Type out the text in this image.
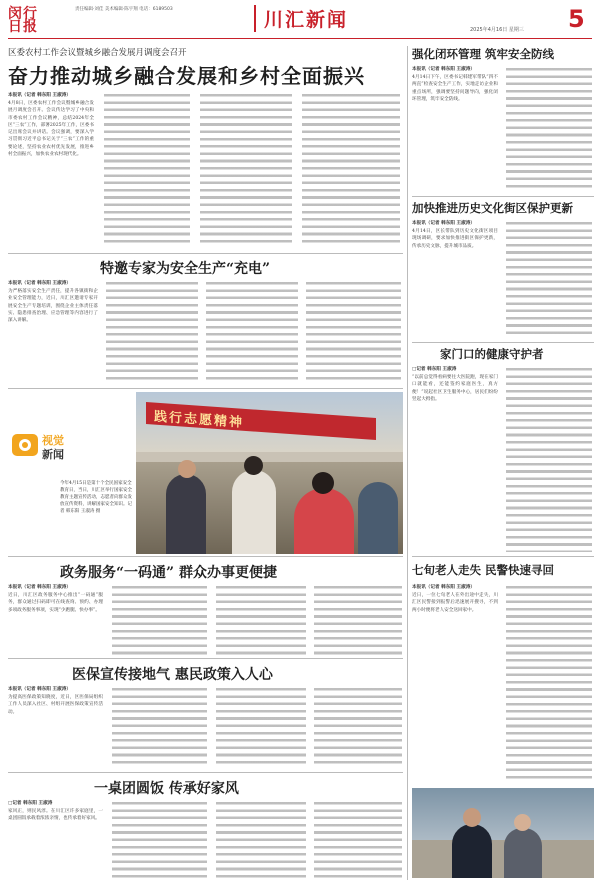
闵行日报
责任编辑·刘佳 美术编辑·陈宇翔 电话：6189503	川汇新闻	2025年4月16日 星期三 5
区委农村工作会议暨城乡融合发展月调度会召开
奋力推动城乡融合发展和乡村全面振兴
本报讯（记者 韩东阳 王淑涛）
4月8日，区委农村工作会议暨城乡融合发展月调度会召开。会议传达学习了中央和市委农村工作会议精神，总结2024年全区“三农”工作，部署2025年工作，区委书记出席会议并讲话。会议强调，要深入学习贯彻习近平总书记关于“三农”工作的重要论述，坚持农业农村优先发展，推进乡村全面振兴，加快农业农村现代化。
特邀专家为安全生产“充电”
本报讯（记者 韩东阳 王淑涛）
为严格落实安全生产责任，提升各镇街和企业安全管理能力，近日，川汇区邀请专家开展安全生产专题培训，围绕企业主体责任落实、隐患排查治理、应急管理等内容进行了深入讲解。
视觉
新闻
今年4月15日是第十个全民国家安全教育日，当日，川汇区举行国家安全教育主题宣传活动，志愿者向群众发放宣传资料，讲解国家安全知识。记者 韩东阳 王淑涛 摄
践行志愿精神
政务服务“一码通” 群众办事更便捷
本报讯（记者 韩东阳 王淑涛）
近日，川汇区政务服务中心推出“一码通”服务，群众通过扫码即可在线查询、预约、办理多项政务服务事项，实现“少跑腿、快办事”。
医保宣传接地气 惠民政策入人心
本报讯（记者 韩东阳 王淑涛）
为提高医保政策知晓度，近日，区医保局组织工作人员深入社区、村组开展医保政策宣传活动。
一桌团圆饭 传承好家风
□记者 韩东阳 王淑涛
家风正，则民风淳。在川汇区许多家庭里，一桌团圆饭承载着浓浓亲情，也传承着好家风。
强化闭环管理 筑牢安全防线
本报讯（记者 韩东阳 王淑涛）
4月14日下午，区委书记韩建军带队“四不两直”检查安全生产工作，实地走访企业和重点场所，强调要坚持问题导向，强化闭环管理，筑牢安全防线。
加快推进历史文化街区保护更新
本报讯（记者 韩东阳 王淑涛）
4月14日，区长带队到历史文化街区项目现场调研，要求加快推进街区保护更新，传承历史文脉，提升城市品质。
家门口的健康守护者
□记者 韩东阳 王淑涛
“以前总觉得看病要往大医院跑，现在家门口就能看，还能签约家庭医生，真方便！”说起社区卫生服务中心，居民们纷纷竖起大拇指。
七旬老人走失 民警快速寻回
本报讯（记者 韩东阳 王淑涛）
近日，一位七旬老人在外出途中走失，川汇区民警接到报警后迅速展开搜寻，不到两小时便将老人安全送回家中。
